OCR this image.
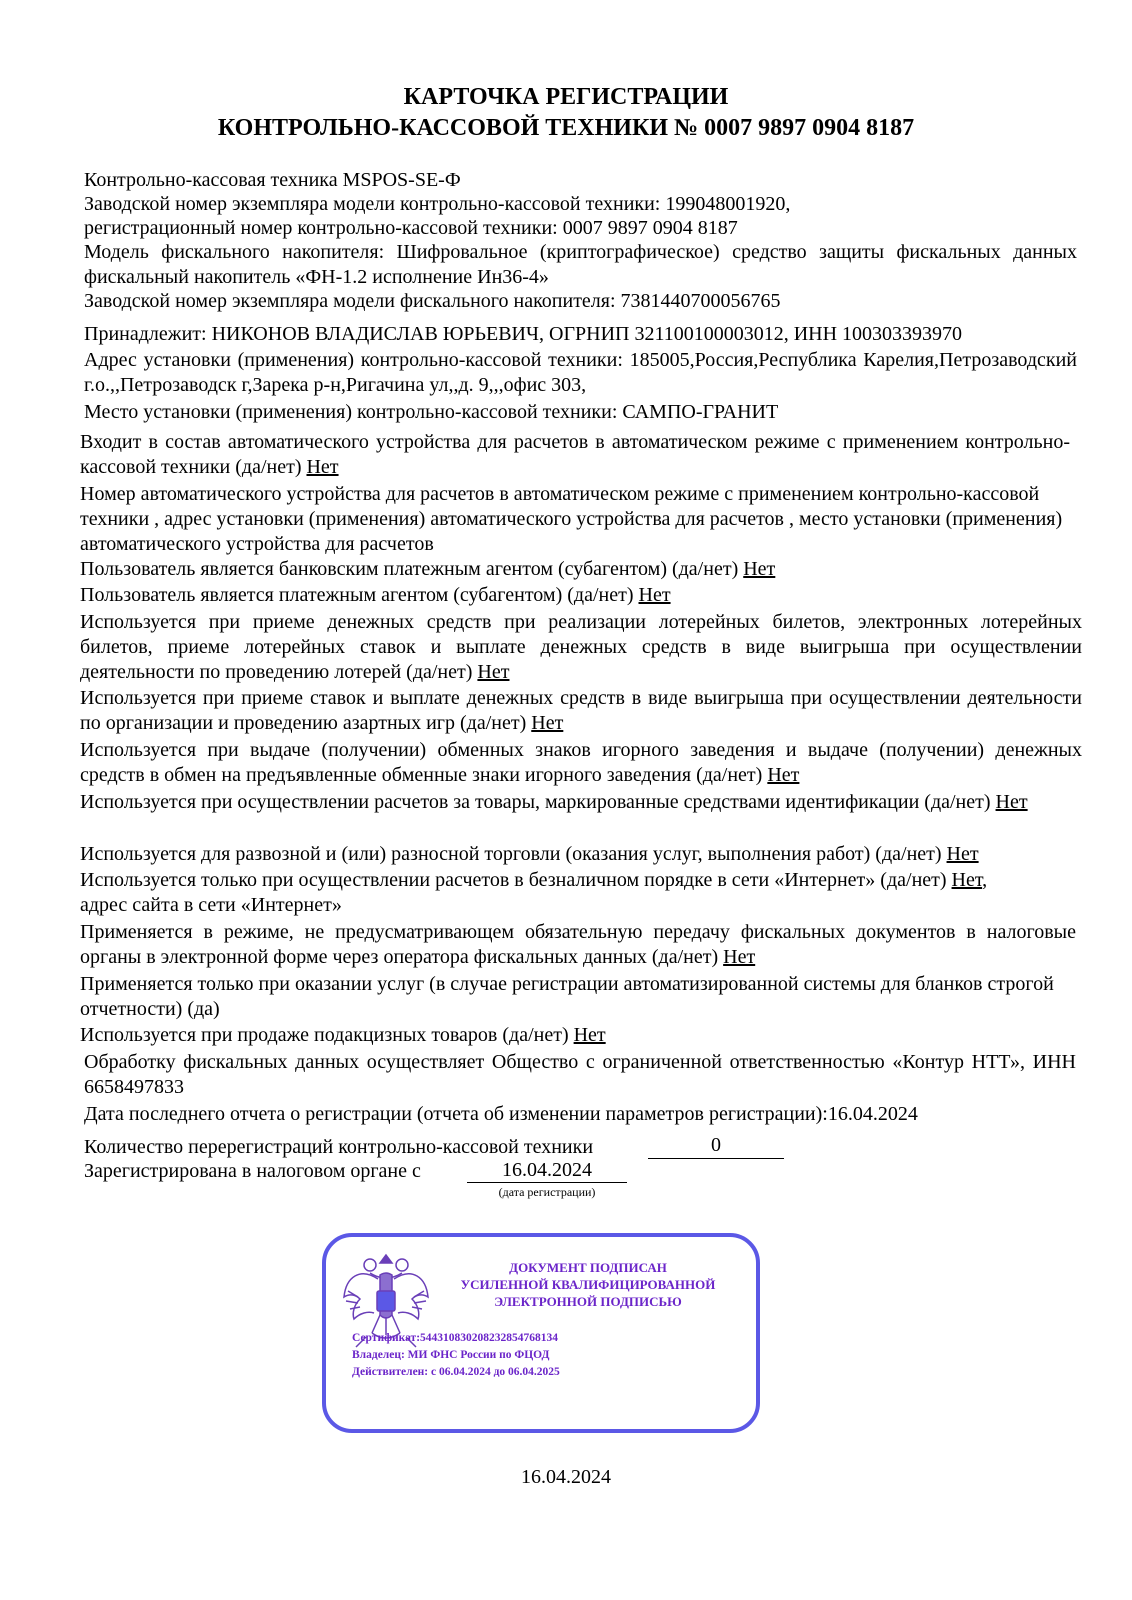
КАРТОЧКА РЕГИСТРАЦИИ
КОНТРОЛЬНО-КАССОВОЙ ТЕХНИКИ № 0007 9897 0904 8187

Контрольно-кассовая техника MSPOS-SE-Ф

Заводской номер экземпляра модели контрольно-кассовой техники: 199048001920,

регистрационный номер контрольно-кассовой техники: 0007 9897 0904 8187

Модель фискального накопителя: Шифровальное (криптографическое) средство защиты фискальных данных фискальный накопитель «ФН-1.2 исполнение Ин36-4»

Заводской номер экземпляра модели фискального накопителя: 7381440700056765

Принадлежит: НИКОНОВ ВЛАДИСЛАВ ЮРЬЕВИЧ, ОГРНИП 321100100003012, ИНН 100303393970

Адрес установки (применения) контрольно-кассовой техники: 185005,Россия,Республика Карелия,Петрозаводский г.о.,,Петрозаводск г,Зарека р-н,Ригачина ул,,д. 9,,,офис 303,

Место установки (применения) контрольно-кассовой техники: САМПО-ГРАНИТ

Входит в состав автоматического устройства для расчетов в автоматическом режиме с применением контрольно-кассовой техники (да/нет) Нет

Номер автоматического устройства для расчетов в автоматическом режиме с применением контрольно-кассовой техники , адрес установки (применения) автоматического устройства для расчетов , место установки (применения) автоматического устройства для расчетов

Пользователь является банковским платежным агентом (субагентом) (да/нет) Нет

Пользователь является платежным агентом (субагентом) (да/нет) Нет

Используется при приеме денежных средств при реализации лотерейных билетов, электронных лотерейных билетов, приеме лотерейных ставок и выплате денежных средств в виде выигрыша при осуществлении деятельности по проведению лотерей (да/нет) Нет

Используется при приеме ставок и выплате денежных средств в виде выигрыша при осуществлении деятельности по организации и проведению азартных игр (да/нет) Нет

Используется при выдаче (получении) обменных знаков игорного заведения и выдаче (получении) денежных средств в обмен на предъявленные обменные знаки игорного заведения (да/нет) Нет

Используется при осуществлении расчетов за товары, маркированные средствами идентификации (да/нет) Нет

Используется для развозной и (или) разносной торговли (оказания услуг, выполнения работ) (да/нет) Нет

Используется только при осуществлении расчетов в безналичном порядке в сети «Интернет» (да/нет) Нет,
адрес сайта в сети «Интернет»

Применяется в режиме, не предусматривающем обязательную передачу фискальных документов в налоговые органы в электронной форме через оператора фискальных данных (да/нет) Нет

Применяется только при оказании услуг (в случае регистрации автоматизированной системы для бланков строгой отчетности) (да)

Используется при продаже подакцизных товаров (да/нет) Нет

Обработку фискальных данных осуществляет Общество с ограниченной ответственностью «Контур НТТ», ИНН 6658497833

Дата последнего отчета о регистрации (отчета об изменении параметров регистрации):16.04.2024

Количество перерегистраций контрольно-кассовой техники	0

Зарегистрирована в налоговом органе с	16.04.2024
(дата регистрации)
ДОКУМЕНТ ПОДПИСАН
УСИЛЕННОЙ КВАЛИФИЦИРОВАННОЙ
ЭЛЕКТРОННОЙ ПОДПИСЬЮ
Сертификат:544310830208232854768134
Владелец: МИ ФНС России по ФЦОД
Действителен: с 06.04.2024 до 06.04.2025
16.04.2024
